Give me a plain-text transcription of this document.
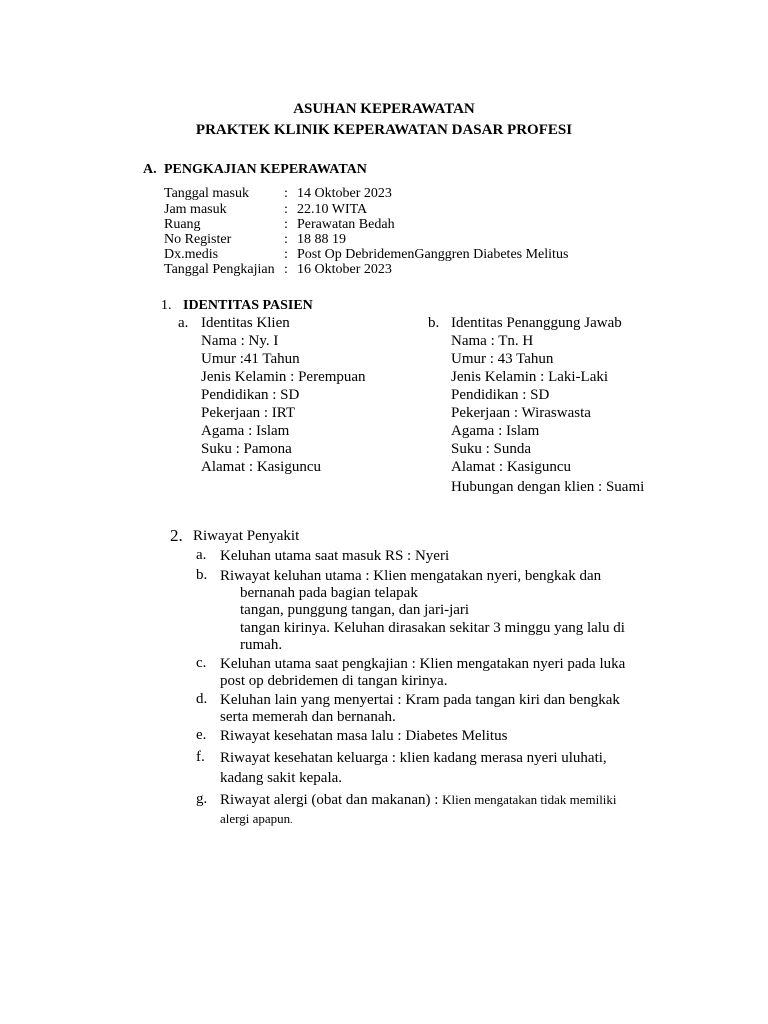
ASUHAN KEPERAWATAN
PRAKTEK KLINIK KEPERAWATAN DASAR PROFESI
A. PENGKAJIAN KEPERAWATAN
Tanggal masuk	: 14 Oktober 2023
Jam masuk	: 22.10 WITA
Ruang	: Perawatan Bedah
No Register	: 18 88 19
Dx.medis	: Post Op DebridemenGanggren Diabetes Melitus
Tanggal Pengkajian : 16 Oktober 2023
1. IDENTITAS PASIEN
a. Identitas Klien
Nama : Ny. I
Umur :41 Tahun
Jenis Kelamin : Perempuan
Pendidikan : SD
Pekerjaan : IRT
Agama : Islam
Suku : Pamona
Alamat : Kasiguncu
b. Identitas Penanggung Jawab
Nama : Tn. H
Umur : 43 Tahun
Jenis Kelamin : Laki-Laki
Pendidikan : SD
Pekerjaan : Wiraswasta
Agama : Islam
Suku : Sunda
Alamat : Kasiguncu
Hubungan dengan klien : Suami
2. Riwayat Penyakit
a. Keluhan utama saat masuk RS : Nyeri
b. Riwayat keluhan utama : Klien mengatakan nyeri, bengkak dan
bernanah pada bagian telapak
tangan, punggung tangan, dan jari-jari
tangan kirinya. Keluhan dirasakan sekitar 3 minggu yang lalu di
rumah.
c. Keluhan utama saat pengkajian : Klien mengatakan nyeri pada luka
post op debridemen di tangan kirinya.
d. Keluhan lain yang menyertai : Kram pada tangan kiri dan bengkak
serta memerah dan bernanah.
e. Riwayat kesehatan masa lalu : Diabetes Melitus
f. Riwayat kesehatan keluarga : klien kadang merasa nyeri uluhati,
kadang sakit kepala.
g. Riwayat alergi (obat dan makanan) : Klien mengatakan tidak memiliki
alergi apapun.
